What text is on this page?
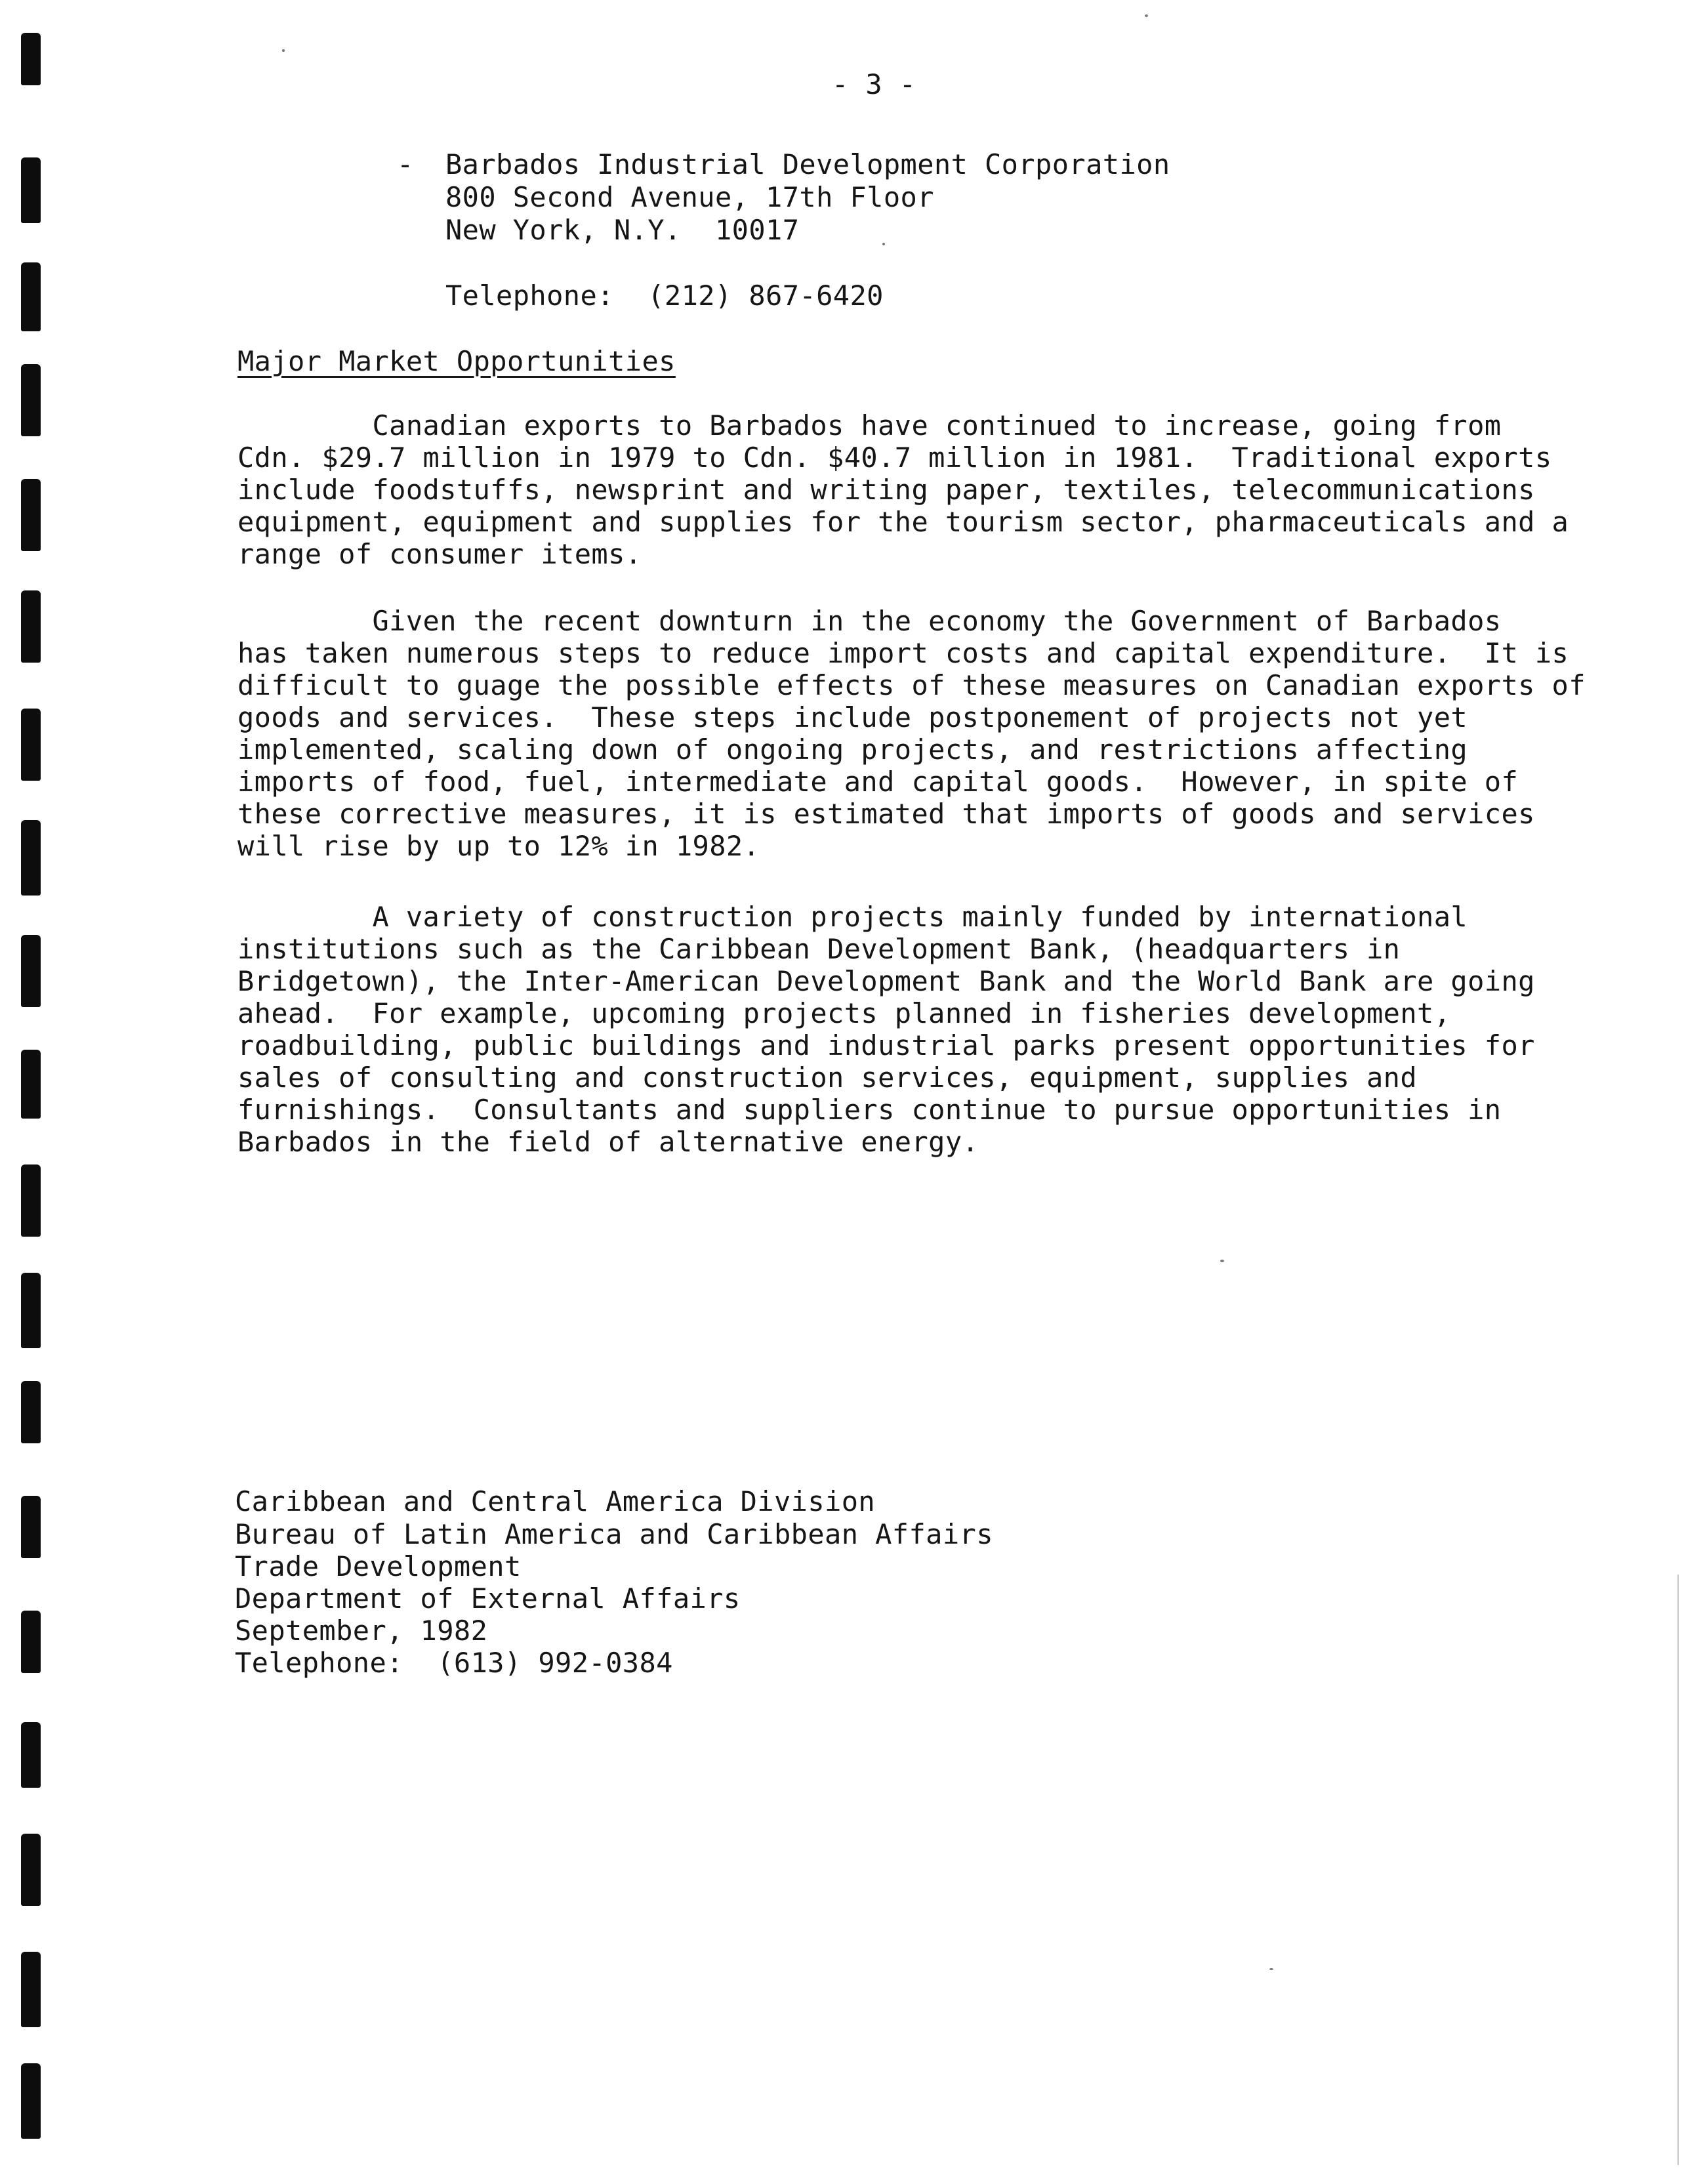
- 3 -
- Barbados Industrial Development Corporation
800 Second Avenue, 17th Floor
New York, N.Y.  10017
Telephone:  (212) 867-6420
Major Market Opportunities
Canadian exports to Barbados have continued to increase, going from
Cdn. $29.7 million in 1979 to Cdn. $40.7 million in 1981.  Traditional exports
include foodstuffs, newsprint and writing paper, textiles, telecommunications
equipment, equipment and supplies for the tourism sector, pharmaceuticals and a
range of consumer items.
Given the recent downturn in the economy the Government of Barbados
has taken numerous steps to reduce import costs and capital expenditure.  It is
difficult to guage the possible effects of these measures on Canadian exports of
goods and services.  These steps include postponement of projects not yet
implemented, scaling down of ongoing projects, and restrictions affecting
imports of food, fuel, intermediate and capital goods.  However, in spite of
these corrective measures, it is estimated that imports of goods and services
will rise by up to 12% in 1982.
A variety of construction projects mainly funded by international
institutions such as the Caribbean Development Bank, (headquarters in
Bridgetown), the Inter-American Development Bank and the World Bank are going
ahead.  For example, upcoming projects planned in fisheries development,
roadbuilding, public buildings and industrial parks present opportunities for
sales of consulting and construction services, equipment, supplies and
furnishings.  Consultants and suppliers continue to pursue opportunities in
Barbados in the field of alternative energy.
Caribbean and Central America Division
Bureau of Latin America and Caribbean Affairs
Trade Development
Department of External Affairs
September, 1982
Telephone:  (613) 992-0384
